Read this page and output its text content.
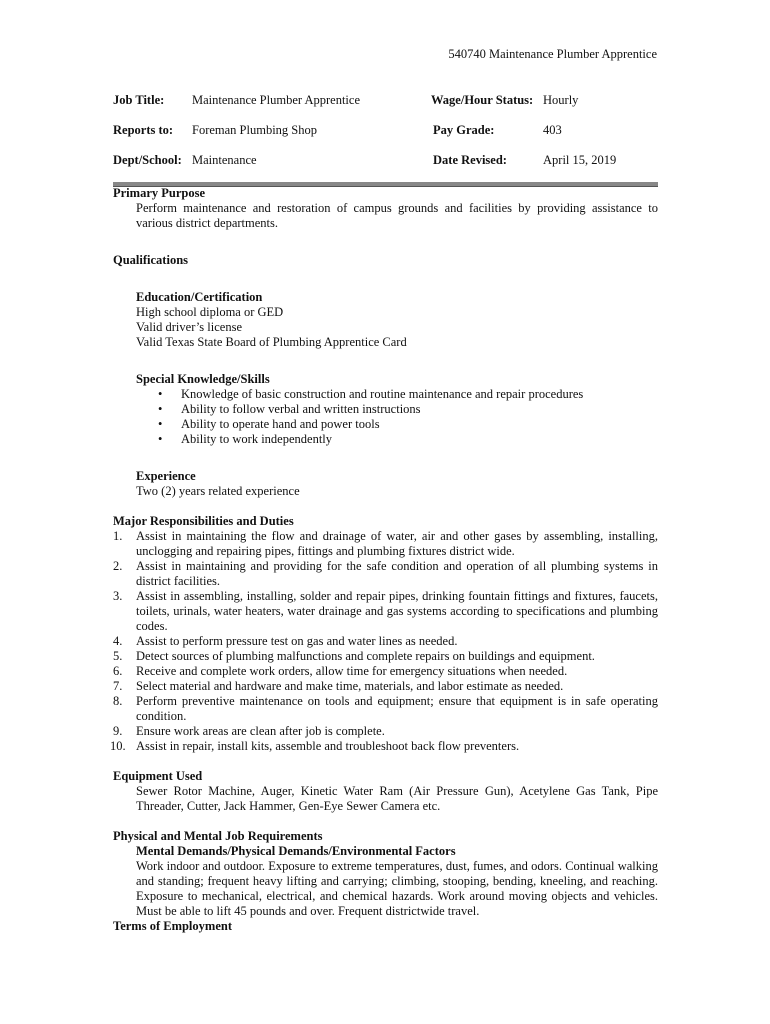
540740 Maintenance Plumber Apprentice
Job Title: Maintenance Plumber Apprentice	Wage/Hour Status: Hourly
Reports to: Foreman Plumbing Shop	Pay Grade:	403
Dept/School: Maintenance	Date Revised:	April 15, 2019
Primary Purpose
Perform maintenance and restoration of campus grounds and facilities by providing assistance to various district departments.
Qualifications
Education/Certification
High school diploma or GED
Valid driver’s license
Valid Texas State Board of Plumbing Apprentice Card
Special Knowledge/Skills
• Knowledge of basic construction and routine maintenance and repair procedures
• Ability to follow verbal and written instructions
• Ability to operate hand and power tools
• Ability to work independently
Experience
Two (2) years related experience
Major Responsibilities and Duties
1. Assist in maintaining the flow and drainage of water, air and other gases by assembling, installing, unclogging and repairing pipes, fittings and plumbing fixtures district wide.
2. Assist in maintaining and providing for the safe condition and operation of all plumbing systems in district facilities.
3. Assist in assembling, installing, solder and repair pipes, drinking fountain fittings and fixtures, faucets, toilets, urinals, water heaters, water drainage and gas systems according to specifications and plumbing codes.
4. Assist to perform pressure test on gas and water lines as needed.
5. Detect sources of plumbing malfunctions and complete repairs on buildings and equipment.
6. Receive and complete work orders, allow time for emergency situations when needed.
7. Select material and hardware and make time, materials, and labor estimate as needed.
8. Perform preventive maintenance on tools and equipment; ensure that equipment is in safe operating condition.
9. Ensure work areas are clean after job is complete.
10. Assist in repair, install kits, assemble and troubleshoot back flow preventers.
Equipment Used
Sewer Rotor Machine, Auger, Kinetic Water Ram (Air Pressure Gun), Acetylene Gas Tank, Pipe Threader, Cutter, Jack Hammer, Gen-Eye Sewer Camera etc.
Physical and Mental Job Requirements
Mental Demands/Physical Demands/Environmental Factors
Work indoor and outdoor. Exposure to extreme temperatures, dust, fumes, and odors. Continual walking and standing; frequent heavy lifting and carrying; climbing, stooping, bending, kneeling, and reaching. Exposure to mechanical, electrical, and chemical hazards. Work around moving objects and vehicles. Must be able to lift 45 pounds and over. Frequent districtwide travel.
Terms of Employment
